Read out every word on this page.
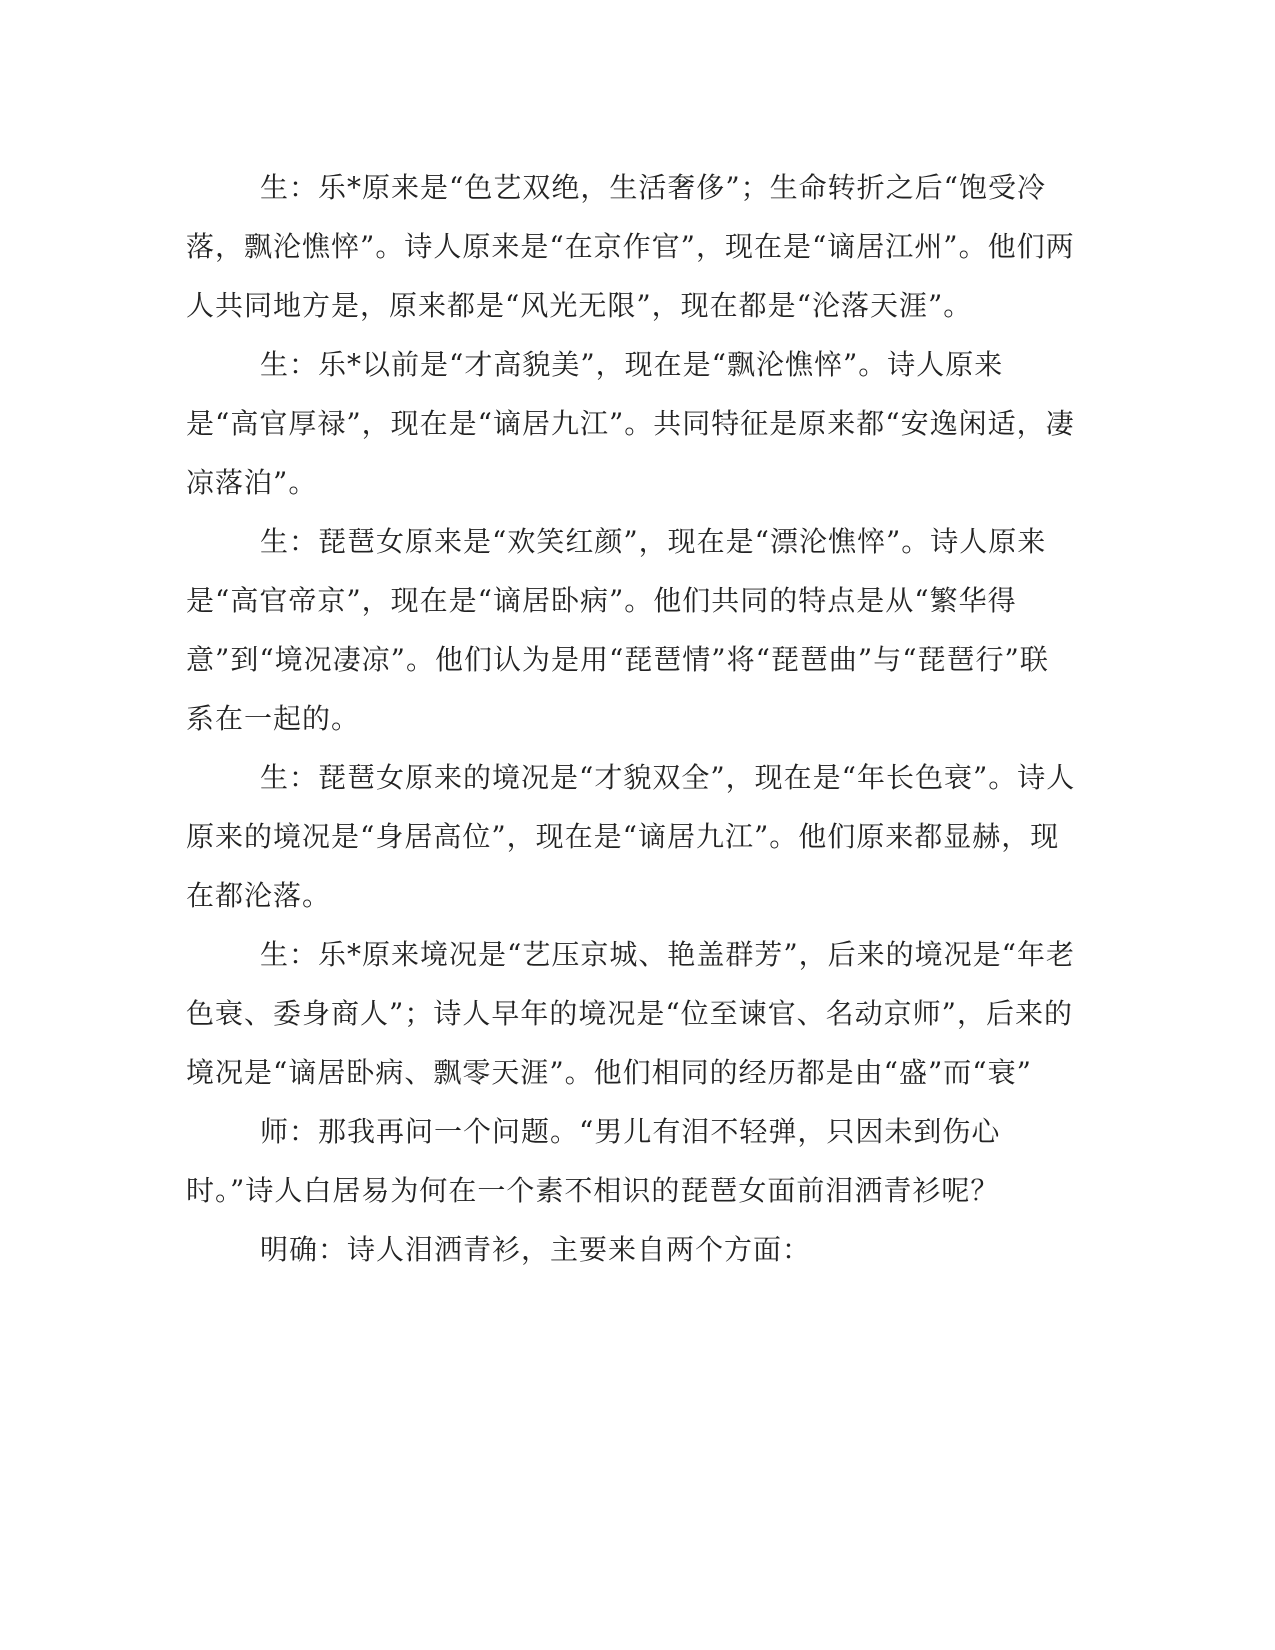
生：乐*原来是“色艺双绝，生活奢侈”；生命转折之后“饱受冷落，飘沦憔悴”。诗人原来是“在京作官”，现在是“谪居江州”。他们两人共同地方是，原来都是“风光无限”，现在都是“沦落天涯”。

生：乐*以前是“才高貌美”，现在是“飘沦憔悴”。诗人原来是“高官厚禄”，现在是“谪居九江”。共同特征是原来都“安逸闲适，凄凉落泊”。

生：琵琶女原来是“欢笑红颜”，现在是“漂沦憔悴”。诗人原来是“高官帝京”，现在是“谪居卧病”。他们共同的特点是从“繁华得意”到“境况凄凉”。他们认为是用“琵琶情”将“琵琶曲”与“琵琶行”联系在一起的。

生：琵琶女原来的境况是“才貌双全”，现在是“年长色衰”。诗人原来的境况是“身居高位”，现在是“谪居九江”。他们原来都显赫，现在都沦落。

生：乐*原来境况是“艺压京城、艳盖群芳”，后来的境况是“年老色衰、委身商人”；诗人早年的境况是“位至谏官、名动京师”，后来的境况是“谪居卧病、飘零天涯”。他们相同的经历都是由“盛”而“衰”

师：那我再问一个问题。“男儿有泪不轻弹，只因未到伤心时。”诗人白居易为何在一个素不相识的琵琶女面前泪洒青衫呢？

明确：诗人泪洒青衫，主要来自两个方面：
